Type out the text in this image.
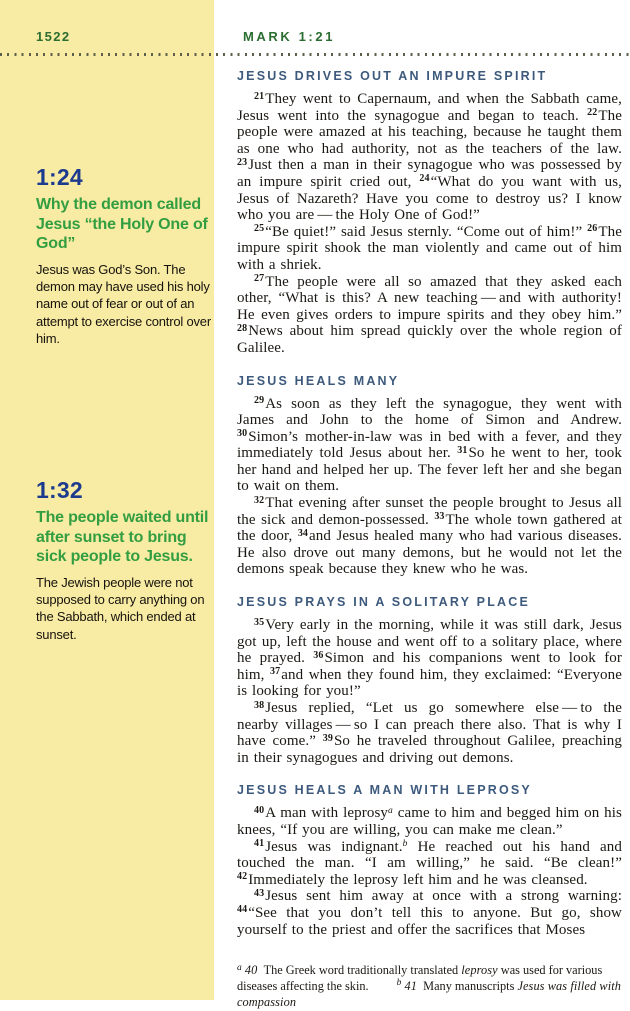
1522	MARK 1:21
1:24
Why the demon called Jesus “the Holy One of God”
Jesus was God’s Son. The demon may have used his holy name out of fear or out of an attempt to exercise control over him.
1:32
The people waited until after sunset to bring sick people to Jesus.
The Jewish people were not supposed to carry anything on the Sabbath, which ended at sunset.
JESUS DRIVES OUT AN IMPURE SPIRIT

$^{21}$They went to Capernaum, and when the Sabbath came, Jesus went into the synagogue and began to teach. $^{22}$The people were amazed at his teaching, because he taught them as one who had authority, not as the teachers of the law. $^{23}$Just then a man in their synagogue who was possessed by an impure spirit cried out, $^{24}$“What do you want with us, Jesus of Nazareth? Have you come to destroy us? I know who you are — the Holy One of God!”

$^{25}$“Be quiet!” said Jesus sternly. “Come out of him!” $^{26}$The impure spirit shook the man violently and came out of him with a shriek.

$^{27}$The people were all so amazed that they asked each other, “What is this? A new teaching — and with authority! He even gives orders to impure spirits and they obey him.” $^{28}$News about him spread quickly over the whole region of Galilee.

JESUS HEALS MANY

$^{29}$As soon as they left the synagogue, they went with James and John to the home of Simon and Andrew. $^{30}$Simon’s mother-in-law was in bed with a fever, and they immediately told Jesus about her. $^{31}$So he went to her, took her hand and helped her up. The fever left her and she began to wait on them.

$^{32}$That evening after sunset the people brought to Jesus all the sick and demon-possessed. $^{33}$The whole town gathered at the door, $^{34}$and Jesus healed many who had various diseases. He also drove out many demons, but he would not let the demons speak because they knew who he was.

JESUS PRAYS IN A SOLITARY PLACE

$^{35}$Very early in the morning, while it was still dark, Jesus got up, left the house and went off to a solitary place, where he prayed. $^{36}$Simon and his companions went to look for him, $^{37}$and when they found him, they exclaimed: “Everyone is looking for you!”

$^{38}$Jesus replied, “Let us go somewhere else — to the nearby villages — so I can preach there also. That is why I have come.” $^{39}$So he traveled throughout Galilee, preaching in their synagogues and driving out demons.

JESUS HEALS A MAN WITH LEPROSY

$^{40}$A man with leprosy$^a$ came to him and begged him on his knees, “If you are willing, you can make me clean.”

$^{41}$Jesus was indignant.$^b$ He reached out his hand and touched the man. “I am willing,” he said. “Be clean!” $^{42}$Immediately the leprosy left him and he was cleansed.

$^{43}$Jesus sent him away at once with a strong warning: $^{44}$“See that you don’t tell this to anyone. But go, show yourself to the priest and offer the sacrifices that Moses

$^a$ 40 The Greek word traditionally translated leprosy was used for various diseases affecting the skin.	$^b$ 41 Many manuscripts Jesus was filled with compassion
